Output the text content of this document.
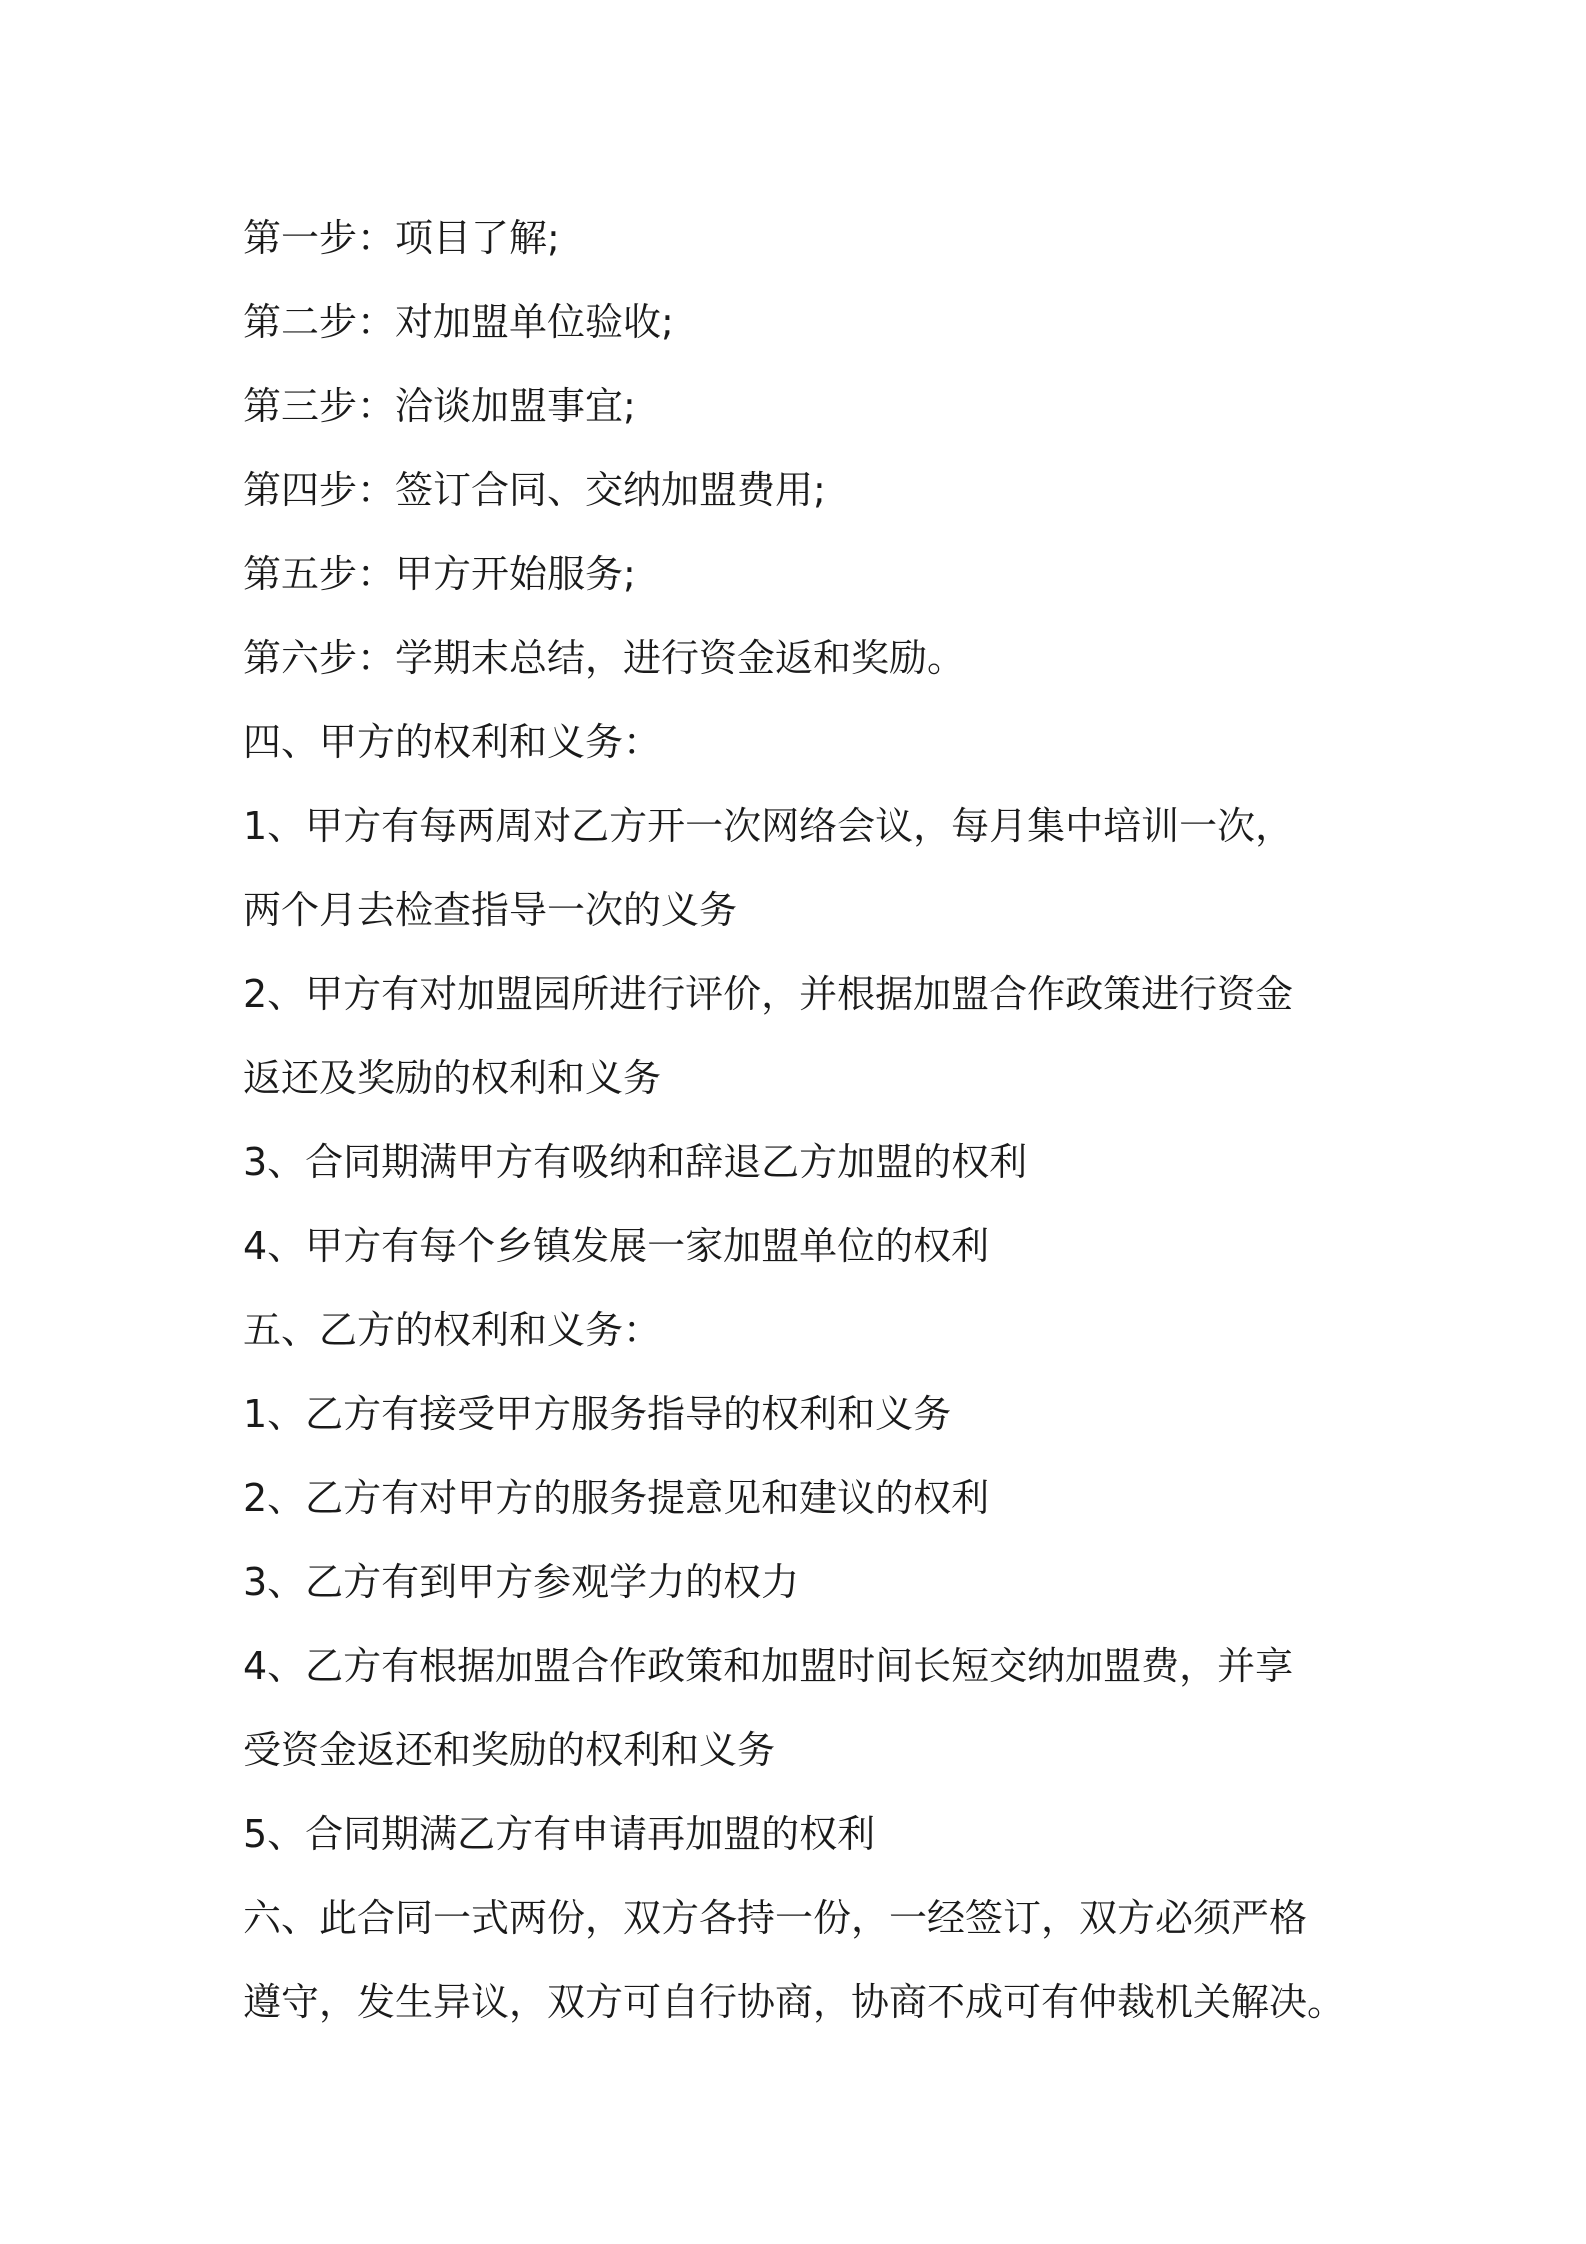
第一步：项目了解;
第二步：对加盟单位验收;
第三步：洽谈加盟事宜;
第四步：签订合同、交纳加盟费用;
第五步：甲方开始服务;
第六步：学期末总结，进行资金返和奖励。
四、甲方的权利和义务：
1、甲方有每两周对乙方开一次网络会议，每月集中培训一次，
两个月去检查指导一次的义务
2、甲方有对加盟园所进行评价，并根据加盟合作政策进行资金
返还及奖励的权利和义务
3、合同期满甲方有吸纳和辞退乙方加盟的权利
4、甲方有每个乡镇发展一家加盟单位的权利
五、乙方的权利和义务：
1、乙方有接受甲方服务指导的权利和义务
2、乙方有对甲方的服务提意见和建议的权利
3、乙方有到甲方参观学力的权力
4、乙方有根据加盟合作政策和加盟时间长短交纳加盟费，并享
受资金返还和奖励的权利和义务
5、合同期满乙方有申请再加盟的权利
六、此合同一式两份，双方各持一份，一经签订，双方必须严格
遵守，发生异议，双方可自行协商，协商不成可有仲裁机关解决。
